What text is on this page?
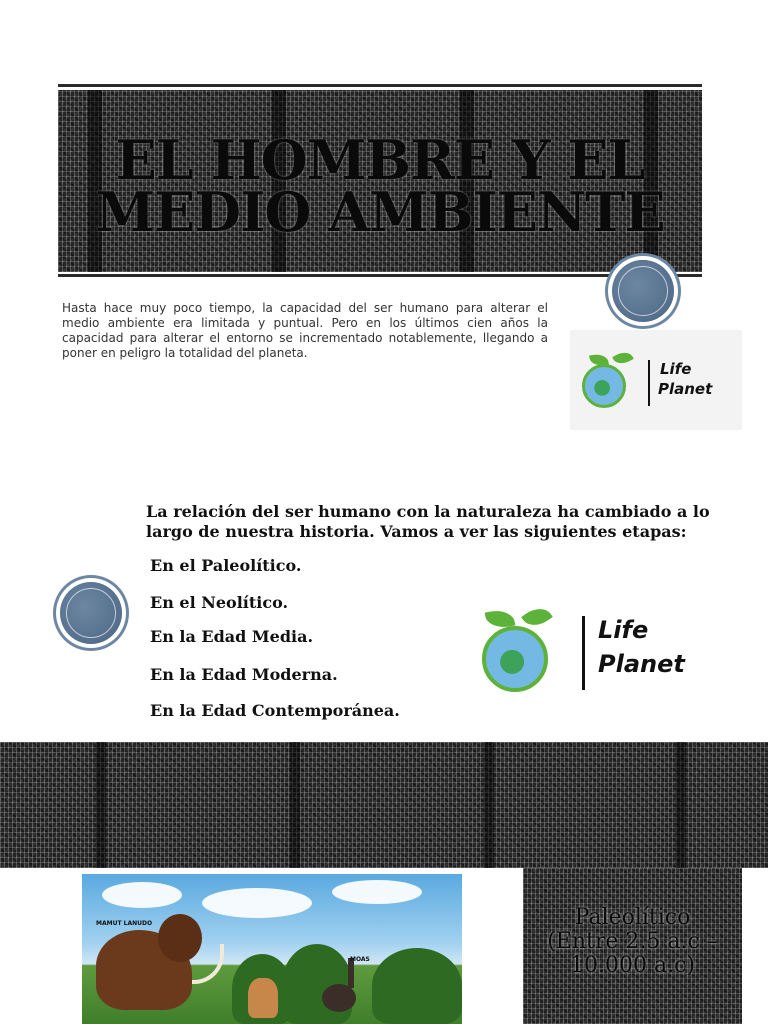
EL HOMBRE Y EL MEDIO AMBIENTE

Hasta hace muy poco tiempo, la capacidad del ser humano para alterar el medio ambiente era limitada y puntual. Pero en los últimos cien años la capacidad para alterar el entorno se incrementado notablemente, llegando a poner en peligro la totalidad del planeta.

Life
Planet

La relación del ser humano con la naturaleza ha cambiado a lo largo de nuestra historia. Vamos a ver las siguientes etapas:

En el Paleolítico.
En el Neolítico.
En la Edad Media.
En la Edad Moderna.
En la Edad Contemporánea.
Life
Planet
MAMUT LANUDO
MOAS
Paleolítico
(Entre 2.5 a.c – 10.000 a.c)
